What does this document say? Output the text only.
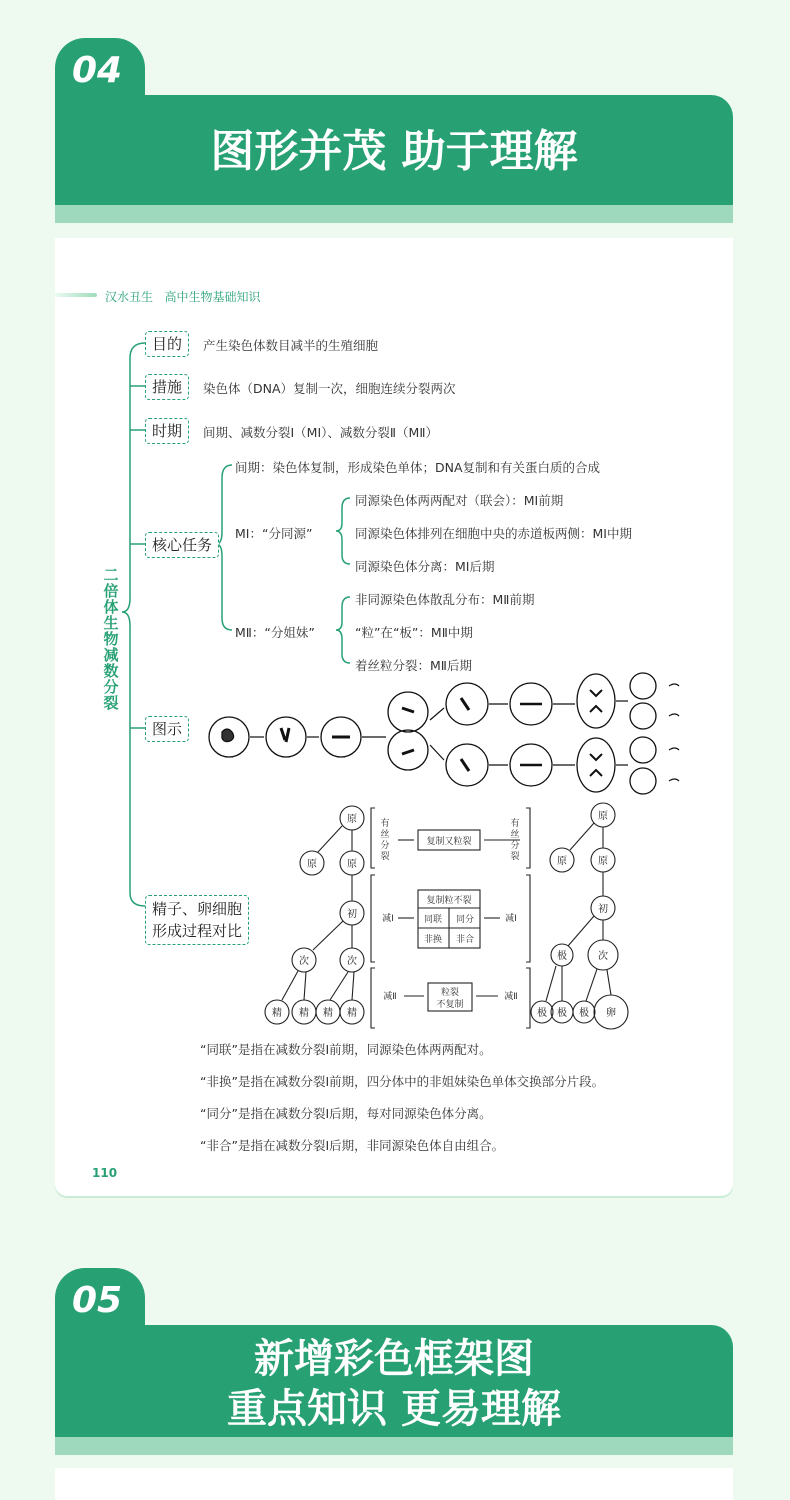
04
图形并茂 助于理解
汉水丑生 高中生物基础知识
二倍体生物减数分裂
目的	产生染色体数目减半的生殖细胞
措施	染色体（DNA）复制一次，细胞连续分裂两次
时期	间期、减数分裂Ⅰ（MⅠ）、减数分裂Ⅱ（MⅡ）
核心任务
间期：染色体复制，形成染色单体；DNA复制和有关蛋白质的合成
MⅠ：“分同源”
同源染色体两两配对（联会）：MⅠ前期
同源染色体排列在细胞中央的赤道板两侧：MⅠ中期
同源染色体分离：MⅠ后期
MⅡ：“分姐妹”
非同源染色体散乱分布：MⅡ前期
“粒”在“板”：MⅡ中期
着丝粒分裂：MⅡ后期
图示
精子、卵细胞
形成过程对比
原
原	原
初
次	次
精 精 精 精
原
原	原
初
极	次
极 极 极 卵
有
丝
分
裂
有
丝
分
裂
减Ⅰ	减Ⅰ
减Ⅱ	减Ⅱ
复制又粒裂
复制粒不裂
同联 同分
非换 非合
粒裂
不复制
“同联”是指在减数分裂Ⅰ前期，同源染色体两两配对。
“非换”是指在减数分裂Ⅰ前期，四分体中的非姐妹染色单体交换部分片段。
“同分”是指在减数分裂Ⅰ后期，每对同源染色体分离。
“非合”是指在减数分裂Ⅰ后期，非同源染色体自由组合。
110
05
新增彩色框架图
重点知识 更易理解
